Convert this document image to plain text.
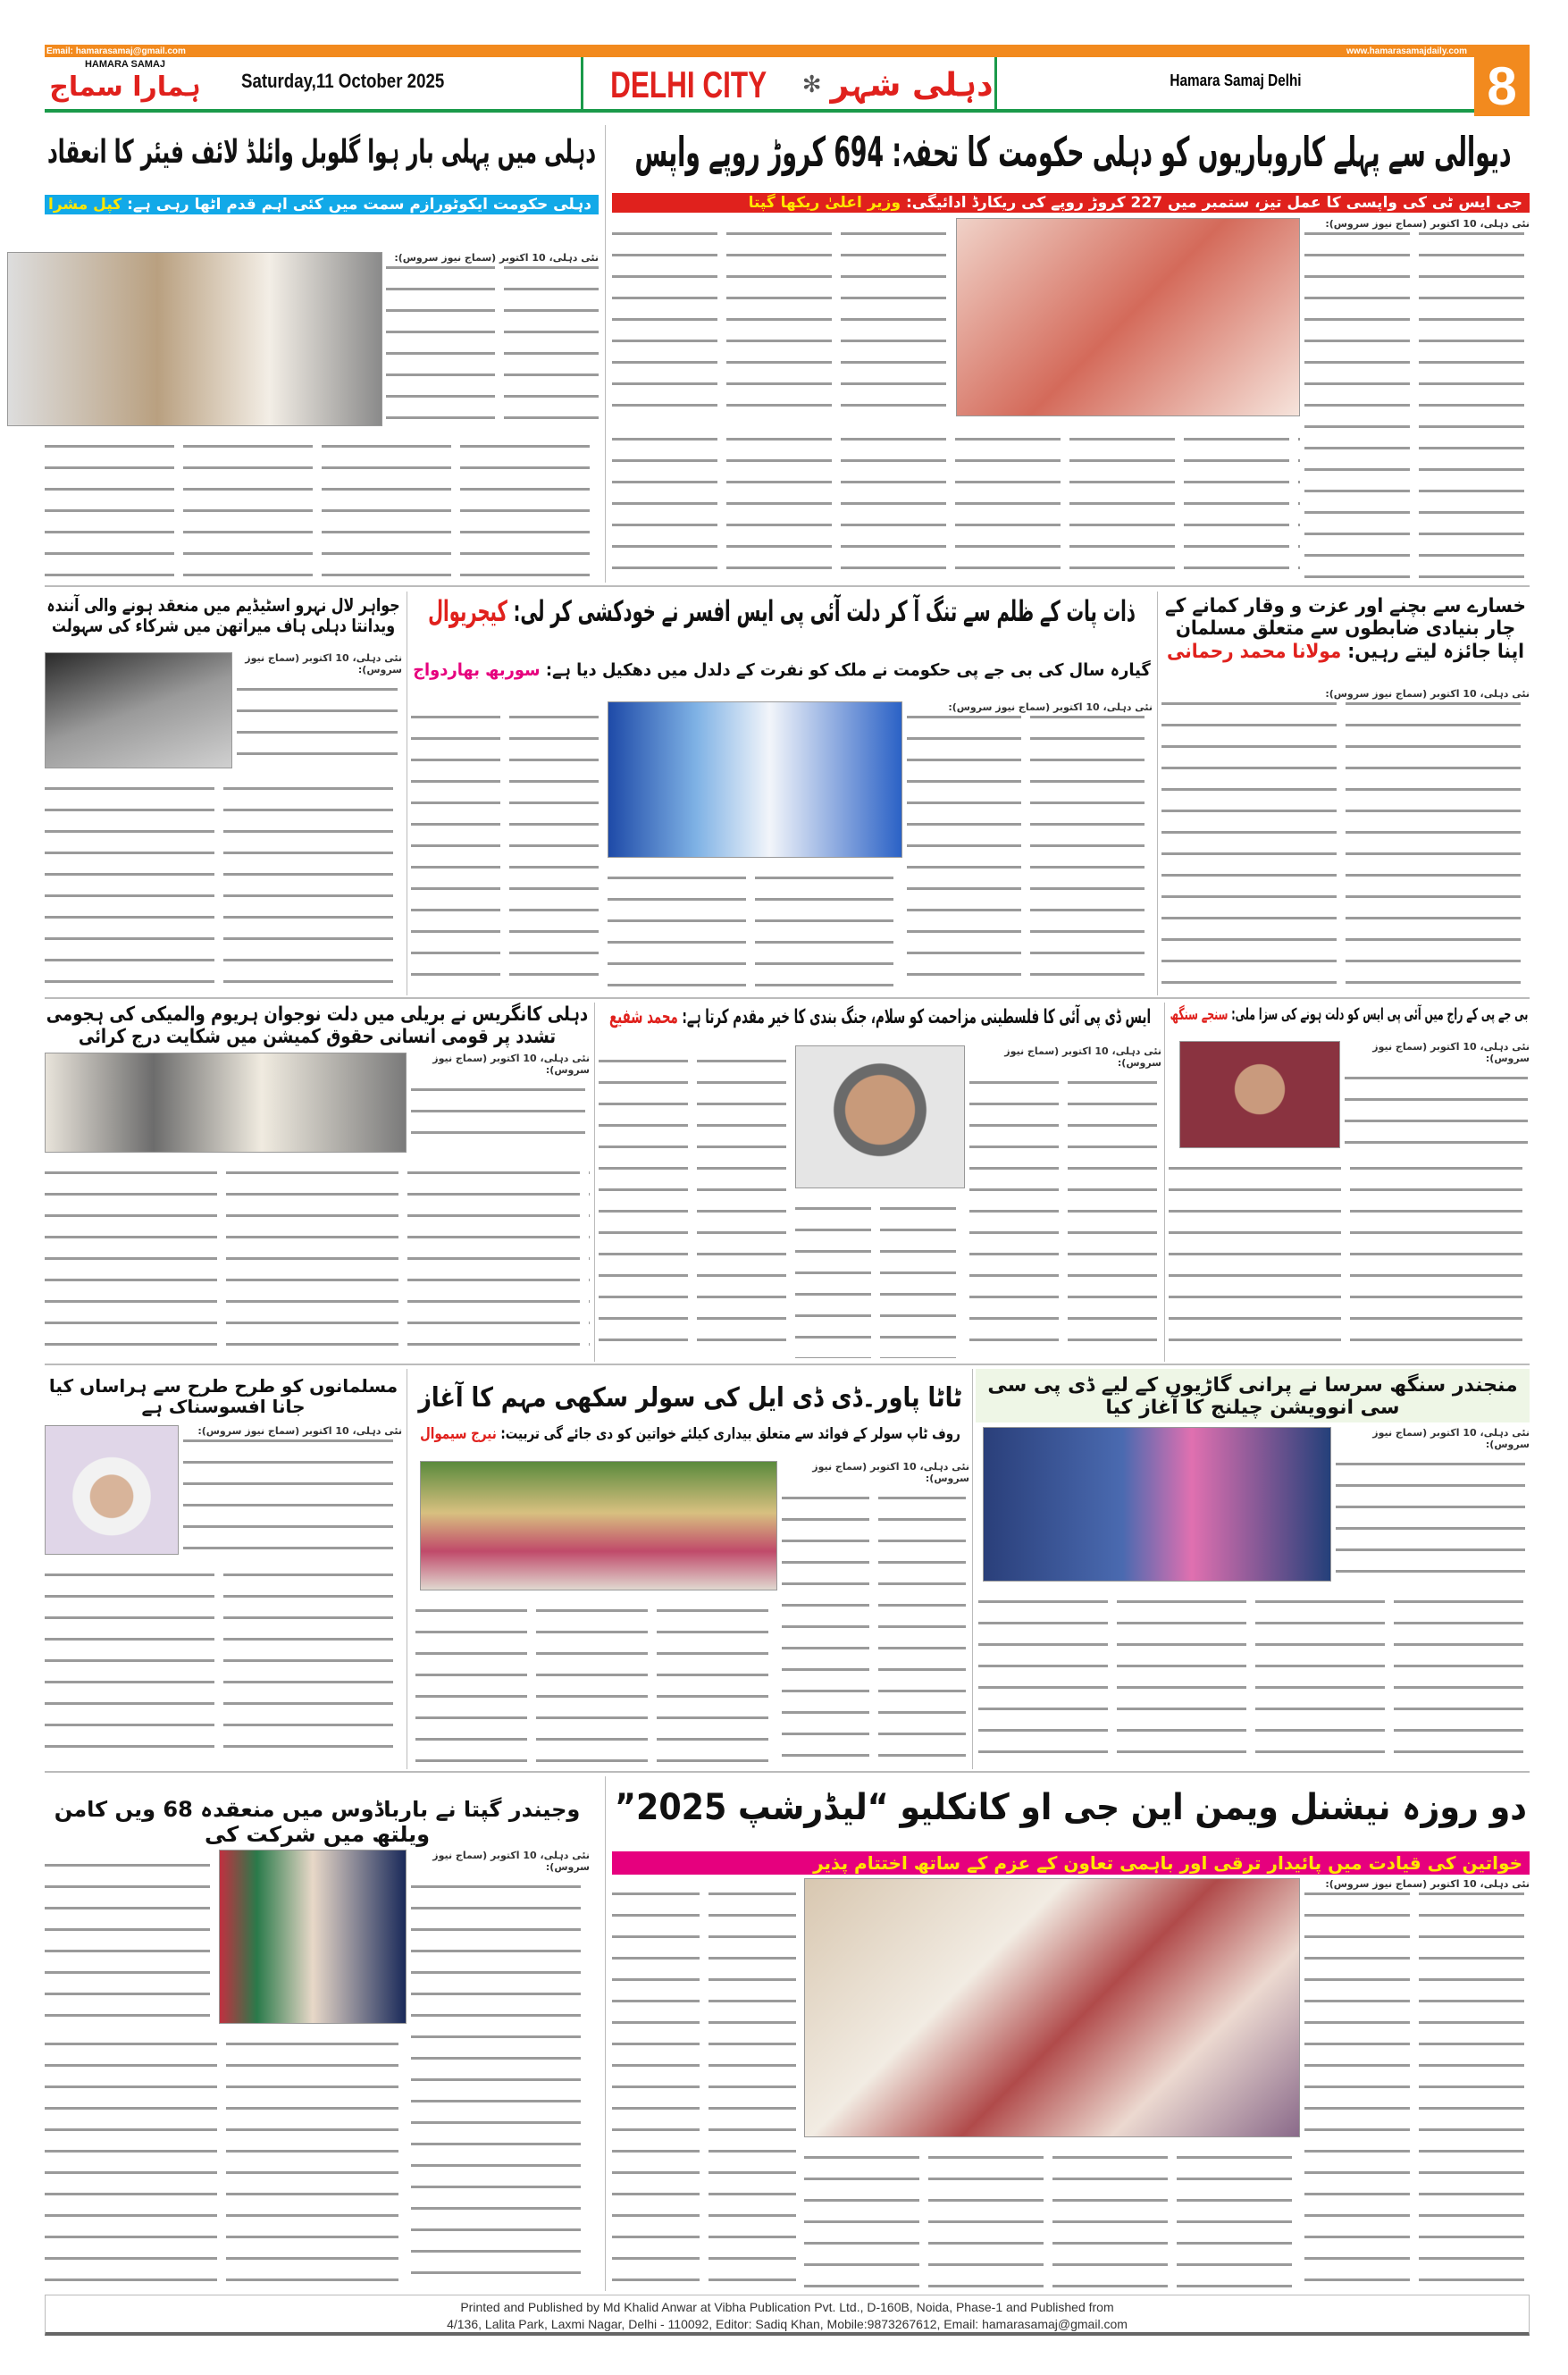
Email: hamarasamaj@gmail.com	www.hamarasamajdaily.com
HAMARA SAMAJ
ہمارا سماج Saturday,11 October 2025	DELHI CITY ✻ دہلی شہر	Hamara Samaj Delhi	8
دیوالی سے پہلے کاروباریوں کو دہلی حکومت کا تحفہ: 694 کروڑ روپے واپس
جی ایس ٹی کی واپسی کا عمل تیز، ستمبر میں 227 کروڑ روپے کی ریکارڈ ادائیگی: وزیر اعلیٰ ریکھا گپتا
نئی دہلی، 10 اکتوبر (سماج نیوز سروس):
دہلی میں پہلی بار ہوا گلوبل وائلڈ لائف فیئر کا انعقاد
دہلی حکومت ایکوٹورازم سمت میں کئی اہم قدم اٹھا رہی ہے: کپل مشرا
نئی دہلی، 10 اکتوبر (سماج نیوز سروس):
خسارے سے بچنے اور عزت و وقار کمانے کے چار بنیادی ضابطوں سے متعلق مسلمان اپنا جائزہ لیتے رہیں: مولانا محمد رحمانی
نئی دہلی، 10 اکتوبر (سماج نیوز سروس):
ذات پات کے ظلم سے تنگ آ کر دلت آئی پی ایس افسر نے خودکشی کر لی: کیجریوال
گیارہ سال کی بی جے پی حکومت نے ملک کو نفرت کے دلدل میں دھکیل دیا ہے: سوربھ بھاردواج
نئی دہلی، 10 اکتوبر (سماج نیوز سروس):
جواہر لال نہرو اسٹیڈیم میں منعقد ہونے والی آنندہ ویدانتا دہلی ہاف میراتھن میں شرکاء کی سہولت
نئی دہلی، 10 اکتوبر (سماج نیوز سروس):
دہلی کانگریس نے بریلی میں دلت نوجوان ہریوم والمیکی کی ہجومی تشدد پر قومی انسانی حقوق کمیشن میں شکایت درج کرائی
نئی دہلی، 10 اکتوبر (سماج نیوز سروس):
ایس ڈی پی آئی کا فلسطینی مزاحمت کو سلام، جنگ بندی کا خیر مقدم کرتا ہے: محمد شفیع
نئی دہلی، 10 اکتوبر (سماج نیوز سروس):
بی جے پی کے راج میں آئی پی ایس کو دلت ہونے کی سزا ملی: سنجے سنگھ
نئی دہلی، 10 اکتوبر (سماج نیوز سروس):
مسلمانوں کو طرح طرح سے ہراساں کیا جانا افسوسناک ہے
نئی دہلی، 10 اکتوبر (سماج نیوز سروس):
ٹاٹا پاور۔ڈی ڈی ایل کی سولر سکھی مہم کا آغاز
روف ٹاپ سولر کے فوائد سے متعلق بیداری کیلئے خواتین کو دی جائے گی تربیت: نیرج سیموال
نئی دہلی، 10 اکتوبر (سماج نیوز سروس):
منجندر سنگھ سرسا نے پرانی گاڑیوں کے لیے ڈی پی سی سی انوویشن چیلنج کا آغاز کیا
نئی دہلی، 10 اکتوبر (سماج نیوز سروس):
دو روزہ نیشنل ویمن این جی او کانکلیو “لیڈرشپ 2025”
خواتین کی قیادت میں پائیدار ترقی اور باہمی تعاون کے عزم کے ساتھ اختتام پذیر
نئی دہلی، 10 اکتوبر (سماج نیوز سروس):
وجیندر گپتا نے بارباڈوس میں منعقدہ 68 ویں کامن ویلتھ میں شرکت کی
نئی دہلی، 10 اکتوبر (سماج نیوز سروس):
Printed and Published by Md Khalid Anwar at Vibha Publication Pvt. Ltd., D-160B, Noida, Phase-1 and Published from
4/136, Lalita Park, Laxmi Nagar, Delhi - 110092, Editor: Sadiq Khan, Mobile:9873267612, Email: hamarasamaj@gmail.com
